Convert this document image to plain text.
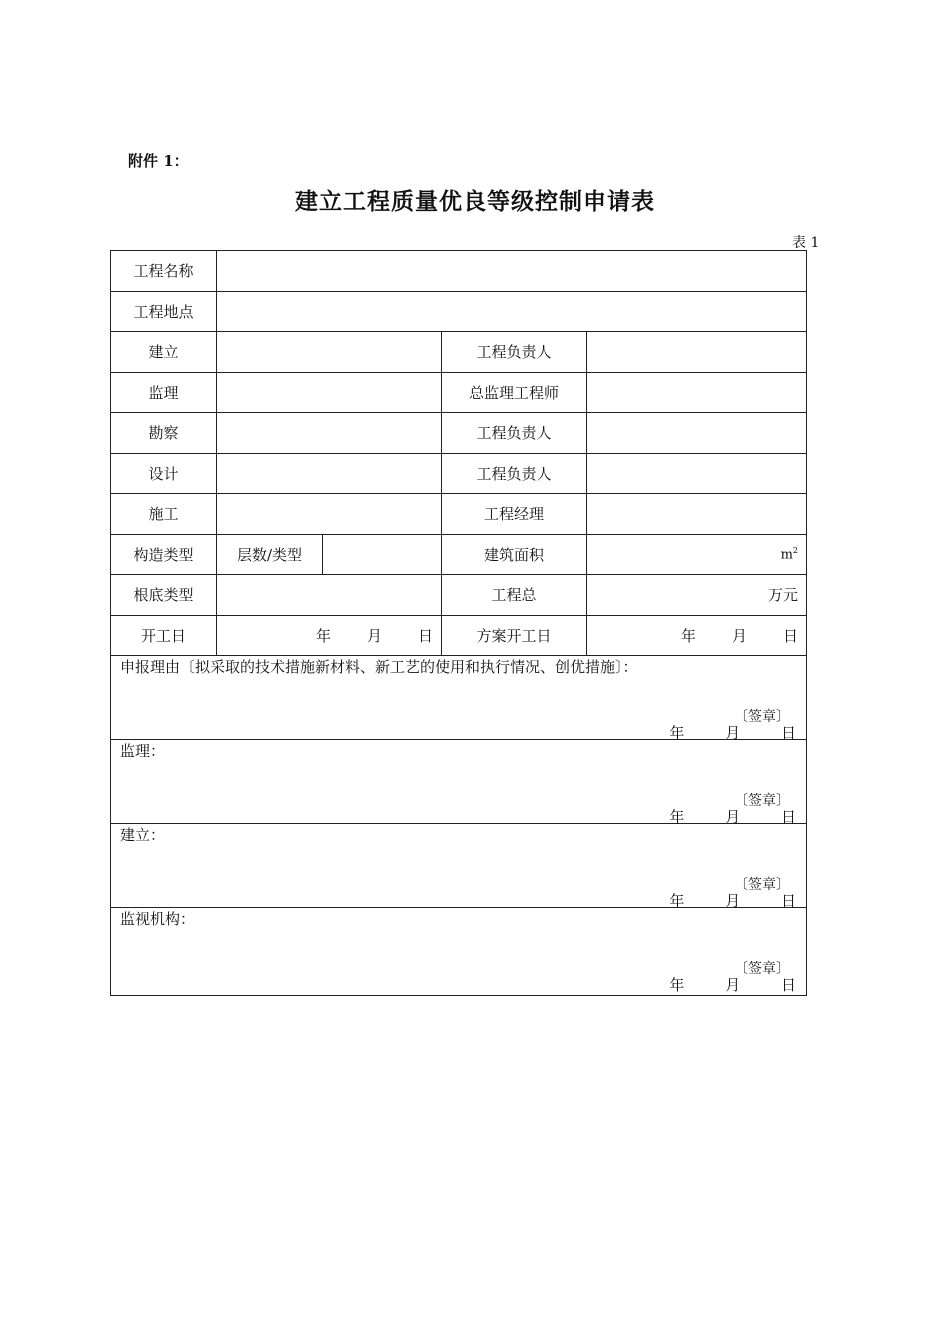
附件 1：
建立工程质量优良等级控制申请表
表 1
工程名称				
工程地点				
建立			工程负责人	
监理			总监理工程师	
勘察			工程负责人	
设计			工程负责人	
施工			工程经理	
构造类型	层数/类型		建筑面积	$m^2$
根底类型			工程总	万元
开工日	年 月 日		方案开工日	年 月 日

申报理由〔拟采取的技术措施新材料、新工艺的使用和执行情况、创优措施〕：
〔签章〕
年 月 日				

监理：
〔签章〕
年 月 日				

建立：
〔签章〕
年 月 日				

监视机构：
〔签章〕
年 月 日				
